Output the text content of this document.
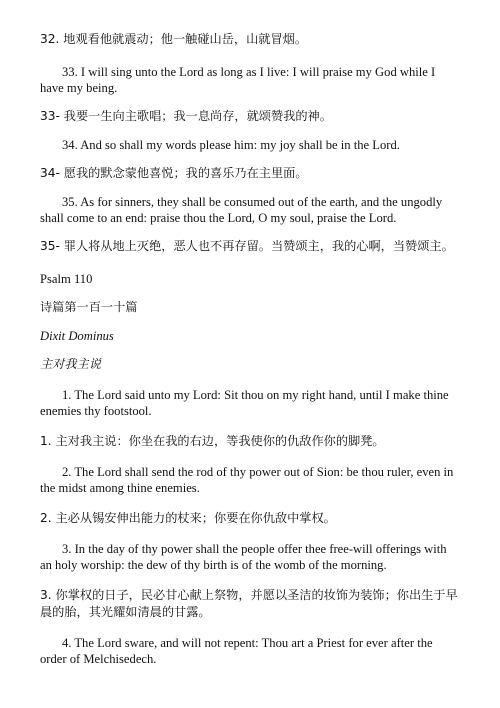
32. 地观看他就震动；他一触碰山岳，山就冒烟。

33. I will sing unto the Lord as long as I live: I will praise my God while I have my being.

33- 我要一生向主歌唱；我一息尚存，就颂赞我的神。

34. And so shall my words please him: my joy shall be in the Lord.

34- 愿我的默念蒙他喜悦；我的喜乐乃在主里面。

35. As for sinners, they shall be consumed out of the earth, and the ungodly shall come to an end: praise thou the Lord, O my soul, praise the Lord.

35- 罪人将从地上灭绝，恶人也不再存留。当赞颂主，我的心啊，当赞颂主。

Psalm 110

诗篇第一百一十篇

Dixit Dominus

主对我主说

1. The Lord said unto my Lord: Sit thou on my right hand, until I make thine enemies thy footstool.

1. 主对我主说：你坐在我的右边，等我使你的仇敌作你的脚凳。

2. The Lord shall send the rod of thy power out of Sion: be thou ruler, even in the midst among thine enemies.

2. 主必从锡安伸出能力的杖来；你要在你仇敌中掌权。

3. In the day of thy power shall the people offer thee free-will offerings with an holy worship: the dew of thy birth is of the womb of the morning.

3. 你掌权的日子，民必甘心献上祭物，并愿以圣洁的妆饰为装饰；你出生于早晨的胎，其光耀如清晨的甘露。

4. The Lord sware, and will not repent: Thou art a Priest for ever after the order of Melchisedech.
